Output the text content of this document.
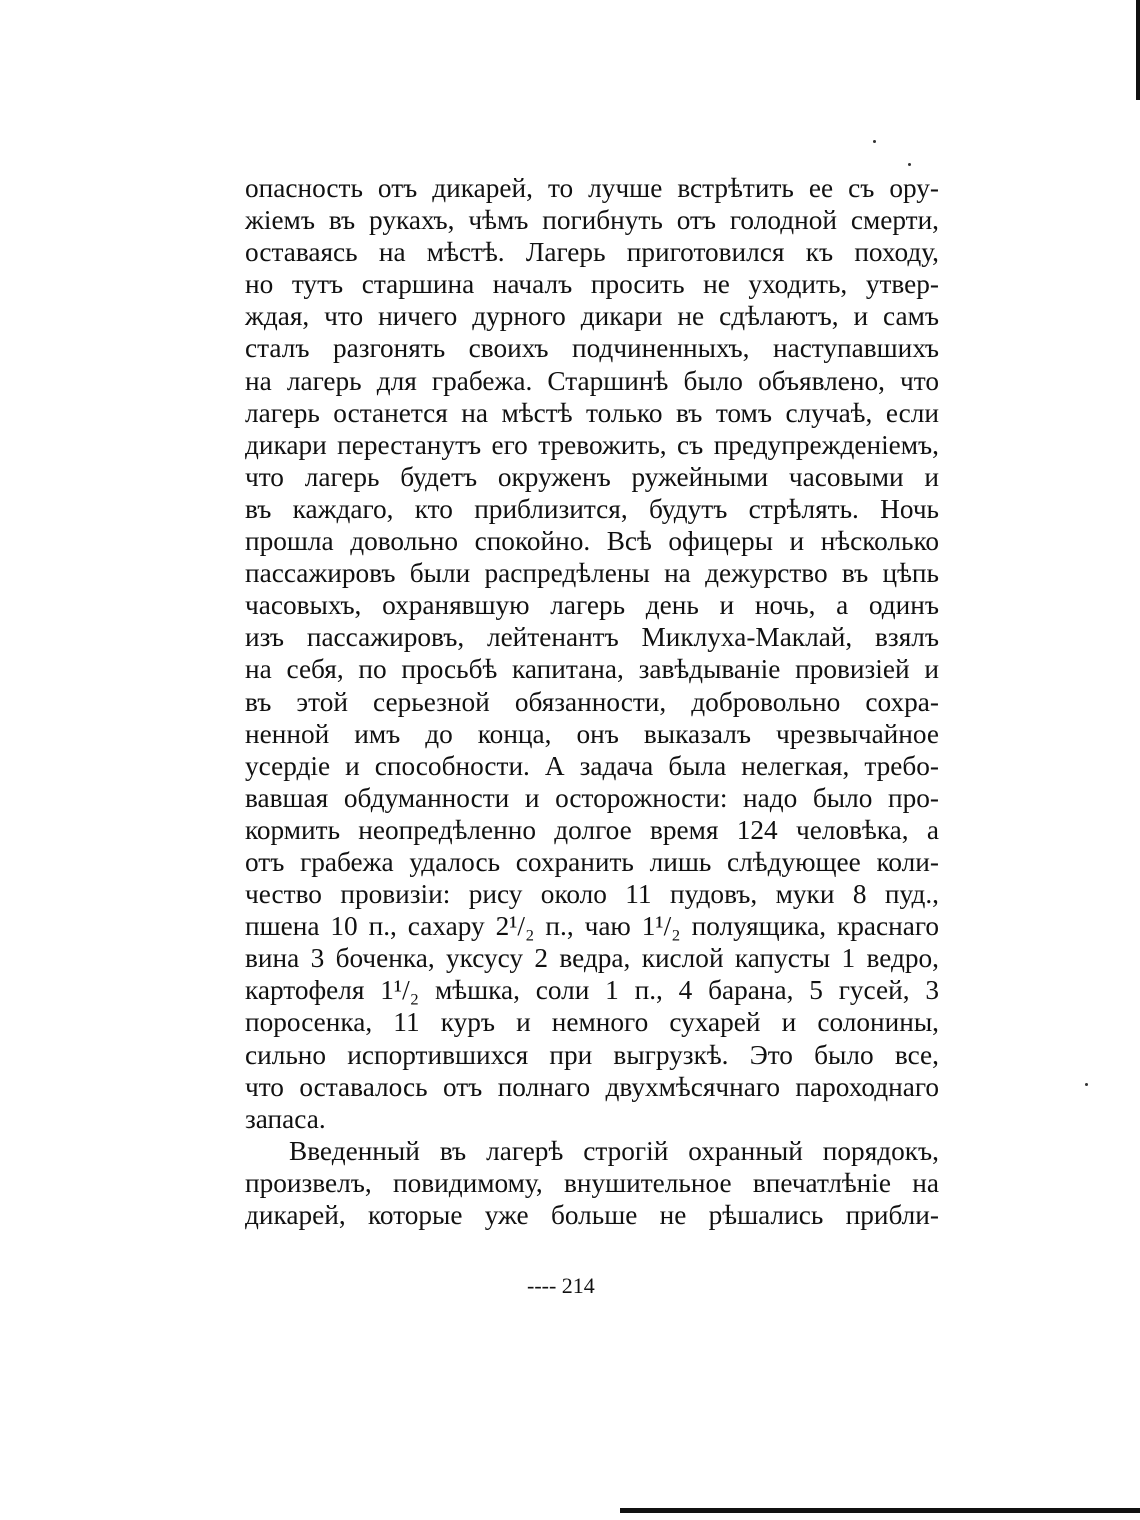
опасность отъ дикарей, то лучше встрѣтить ее съ ору-
жіемъ въ рукахъ, чѣмъ погибнуть отъ голодной смерти,
оставаясь на мѣстѣ. Лагерь приготовился къ походу,
но тутъ старшина началъ просить не уходить, утвер-
ждая, что ничего дурного дикари не сдѣлаютъ, и самъ
сталъ разгонять своихъ подчиненныхъ, наступавшихъ
на лагерь для грабежа. Старшинѣ было объявлено, что
лагерь останется на мѣстѣ только въ томъ случаѣ, если
дикари перестанутъ его тревожить, съ предупрежденіемъ,
что лагерь будетъ окруженъ ружейными часовыми и
въ каждаго, кто приблизится, будутъ стрѣлять. Ночь
прошла довольно спокойно. Всѣ офицеры и нѣсколько
пассажировъ были распредѣлены на дежурство въ цѣпь
часовыхъ, охранявшую лагерь день и ночь, а одинъ
изъ пассажировъ, лейтенантъ Миклуха-Маклай, взялъ
на себя, по просьбѣ капитана, завѣдываніе провизіей и
въ этой серьезной обязанности, добровольно сохра-
ненной имъ до конца, онъ выказалъ чрезвычайное
усердіе и способности. А задача была нелегкая, требо-
вавшая обдуманности и осторожности: надо было про-
кормить неопредѣленно долгое время 124 человѣка, а
отъ грабежа удалось сохранить лишь слѣдующее коли-
чество провизіи: рису около 11 пудовъ, муки 8 пуд.,
пшена 10 п., сахару 2¹/₂ п., чаю 1¹/₂ полуящика, краснаго
вина 3 боченка, уксусу 2 ведра, кислой капусты 1 ведро,
картофеля 1¹/₂ мѣшка, соли 1 п., 4 барана, 5 гусей, 3
поросенка, 11 куръ и немного сухарей и солонины,
сильно испортившихся при выгрузкѣ. Это было все,
что оставалось отъ полнаго двухмѣсячнаго пароходнаго
запаса.
Введенный въ лагерѣ строгій охранный порядокъ,
произвелъ, повидимому, внушительное впечатлѣніе на
дикарей, которые уже больше не рѣшались прибли-
---- 214
